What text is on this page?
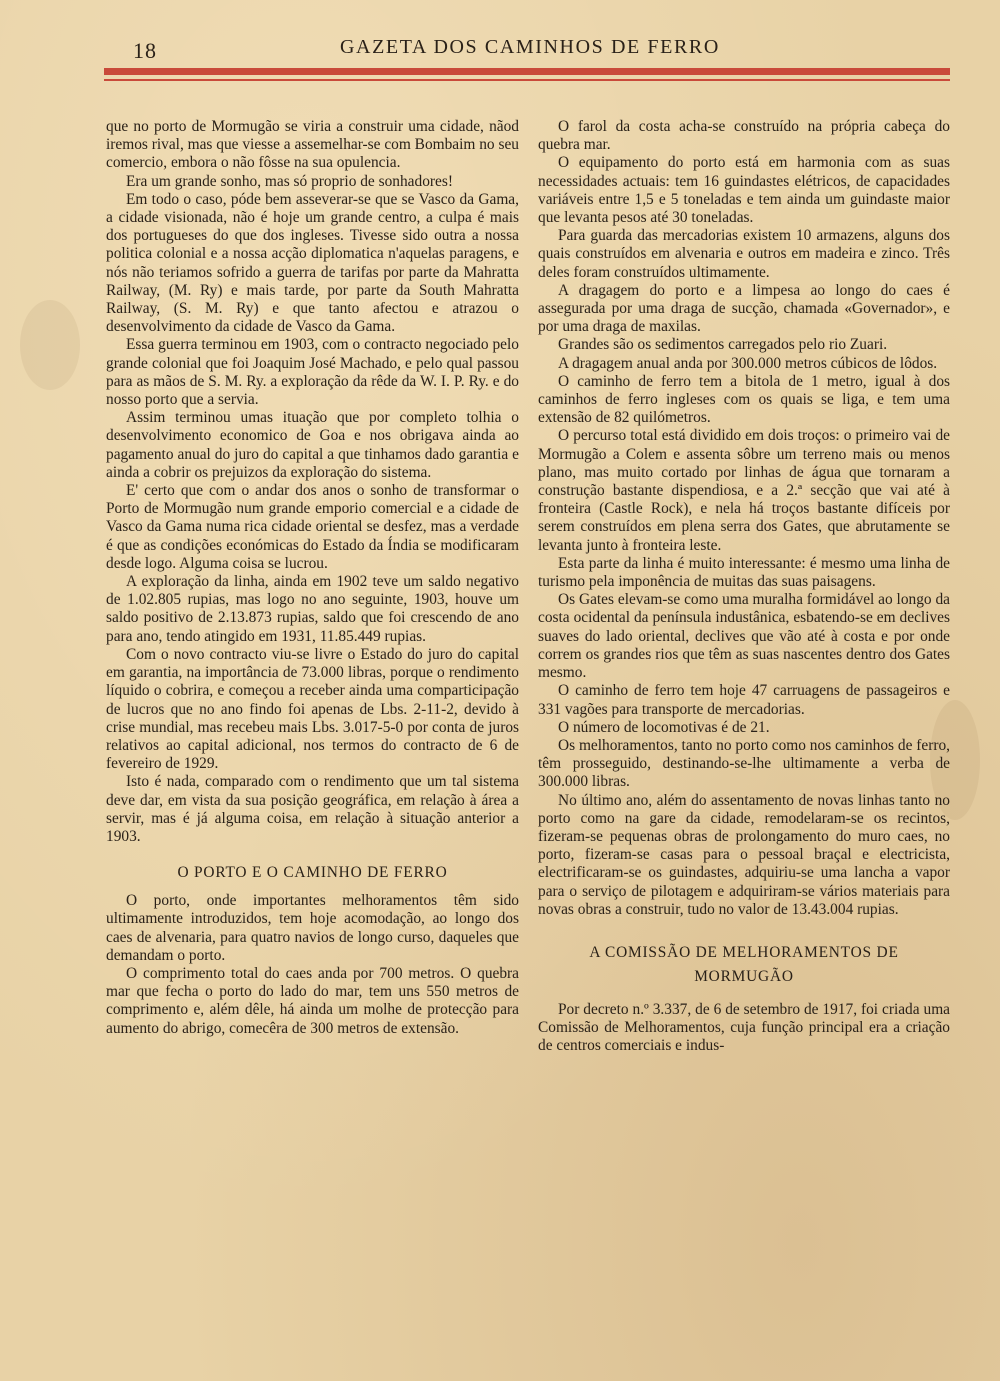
18	GAZETA DOS CAMINHOS DE FERRO

que no porto de Mormugão se viria a construir uma cidade, nãod iremos rival, mas que viesse a assemelhar-se com Bombaim no seu comercio, embora o não fôsse na sua opulencia.

Era um grande sonho, mas só proprio de sonhadores!

Em todo o caso, póde bem asseverar-se que se Vasco da Gama, a cidade visionada, não é hoje um grande centro, a culpa é mais dos portugueses do que dos ingleses. Tivesse sido outra a nossa politica colonial e a nossa acção diplomatica n'aquelas paragens, e nós não teriamos sofrido a guerra de tarifas por parte da Mahratta Railway, (M. Ry) e mais tarde, por parte da South Mahratta Railway, (S. M. Ry) e que tanto afectou e atrazou o desenvolvimento da cidade de Vasco da Gama.

Essa guerra terminou em 1903, com o contracto negociado pelo grande colonial que foi Joaquim José Machado, e pelo qual passou para as mãos de S. M. Ry. a exploração da rêde da W. I. P. Ry. e do nosso porto que a servia.

Assim terminou umas ituação que por completo tolhia o desenvolvimento economico de Goa e nos obrigava ainda ao pagamento anual do juro do capital a que tinhamos dado garantia e ainda a cobrir os prejuizos da exploração do sistema.

E' certo que com o andar dos anos o sonho de transformar o Porto de Mormugão num grande emporio comercial e a cidade de Vasco da Gama numa rica cidade oriental se desfez, mas a verdade é que as condições económicas do Estado da Índia se modificaram desde logo. Alguma coisa se lucrou.

A exploração da linha, ainda em 1902 teve um saldo negativo de 1.02.805 rupias, mas logo no ano seguinte, 1903, houve um saldo positivo de 2.13.873 rupias, saldo que foi crescendo de ano para ano, tendo atingido em 1931, 11.85.449 rupias.

Com o novo contracto viu-se livre o Estado do juro do capital em garantia, na importância de 73.000 libras, porque o rendimento líquido o cobrira, e começou a receber ainda uma comparticipação de lucros que no ano findo foi apenas de Lbs. 2-11-2, devido à crise mundial, mas recebeu mais Lbs. 3.017-5-0 por conta de juros relativos ao capital adicional, nos termos do contracto de 6 de fevereiro de 1929.

Isto é nada, comparado com o rendimento que um tal sistema deve dar, em vista da sua posição geográfica, em relação à área a servir, mas é já alguma coisa, em relação à situação anterior a 1903.

O PORTO E O CAMINHO DE FERRO

O porto, onde importantes melhoramentos têm sido ultimamente introduzidos, tem hoje acomodação, ao longo dos caes de alvenaria, para quatro navios de longo curso, daqueles que demandam o porto.

O comprimento total do caes anda por 700 metros. O quebra mar que fecha o porto do lado do mar, tem uns 550 metros de comprimento e, além dêle, há ainda um molhe de protecção para aumento do abrigo, comecêra de 300 metros de extensão.

O farol da costa acha-se construído na própria cabeça do quebra mar.

O equipamento do porto está em harmonia com as suas necessidades actuais: tem 16 guindastes elétricos, de capacidades variáveis entre 1,5 e 5 toneladas e tem ainda um guindaste maior que levanta pesos até 30 toneladas.

Para guarda das mercadorias existem 10 armazens, alguns dos quais construídos em alvenaria e outros em madeira e zinco. Três deles foram construídos ultimamente.

A dragagem do porto e a limpesa ao longo do caes é assegurada por uma draga de sucção, chamada «Governador», e por uma draga de maxilas.

Grandes são os sedimentos carregados pelo rio Zuari.

A dragagem anual anda por 300.000 metros cúbicos de lôdos.

O caminho de ferro tem a bitola de 1 metro, igual à dos caminhos de ferro ingleses com os quais se liga, e tem uma extensão de 82 quilómetros.

O percurso total está dividido em dois troços: o primeiro vai de Mormugão a Colem e assenta sôbre um terreno mais ou menos plano, mas muito cortado por linhas de água que tornaram a construção bastante dispendiosa, e a 2.ª secção que vai até à fronteira (Castle Rock), e nela há troços bastante difíceis por serem construídos em plena serra dos Gates, que abrutamente se levanta junto à fronteira leste.

Esta parte da linha é muito interessante: é mesmo uma linha de turismo pela imponência de muitas das suas paisagens.

Os Gates elevam-se como uma muralha formidável ao longo da costa ocidental da península industânica, esbatendo-se em declives suaves do lado oriental, declives que vão até à costa e por onde correm os grandes rios que têm as suas nascentes dentro dos Gates mesmo.

O caminho de ferro tem hoje 47 carruagens de passageiros e 331 vagões para transporte de mercadorias.

O número de locomotivas é de 21.

Os melhoramentos, tanto no porto como nos caminhos de ferro, têm prosseguido, destinando-se-lhe ultimamente a verba de 300.000 libras.

No último ano, além do assentamento de novas linhas tanto no porto como na gare da cidade, remodelaram-se os recintos, fizeram-se pequenas obras de prolongamento do muro caes, no porto, fizeram-se casas para o pessoal braçal e electricista, electrificaram-se os guindastes, adquiriu-se uma lancha a vapor para o serviço de pilotagem e adquiriram-se vários materiais para novas obras a construir, tudo no valor de 13.43.004 rupias.

A COMISSÃO DE MELHORAMENTOS DE MORMUGÃO

Por decreto n.º 3.337, de 6 de setembro de 1917, foi criada uma Comissão de Melhoramentos, cuja função principal era a criação de centros comerciais e indus-
